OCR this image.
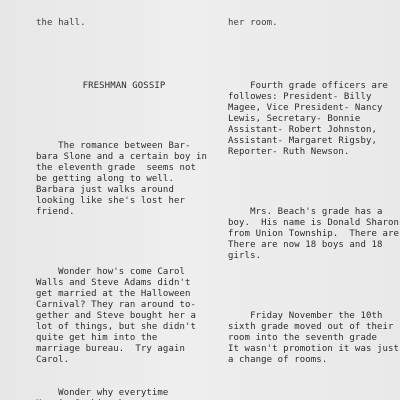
the hall.

FRESHMAN GOSSIP

The romance between Bar-
bara Slone and a certain boy in
the eleventh grade  seems not
be getting along to well.
Barbara just walks around
looking like she's lost her
friend.

Wonder how's come Carol
Walls and Steve Adams didn't
get married at the Halloween
Carnival? They ran around to-
gether and Steve bought her a
lot of things, but she didn't
quite get him into the
marriage bureau.  Try again
Carol.

Wonder why everytime

her room.

Fourth grade officers are
followes: President- Billy
Magee, Vice President- Nancy
Lewis, Secretary- Bonnie
Assistant- Robert Johnston,
Assistant- Margaret Rigsby,
Reporter- Ruth Newson.

Mrs. Beach's grade has a
boy.  His name is Donald Sharon
from Union Township.  There are
There are now 18 boys and 18
girls.

Friday November the 10th
sixth grade moved out of their
room into the seventh grade
It wasn't promotion it was just
a change of rooms.
